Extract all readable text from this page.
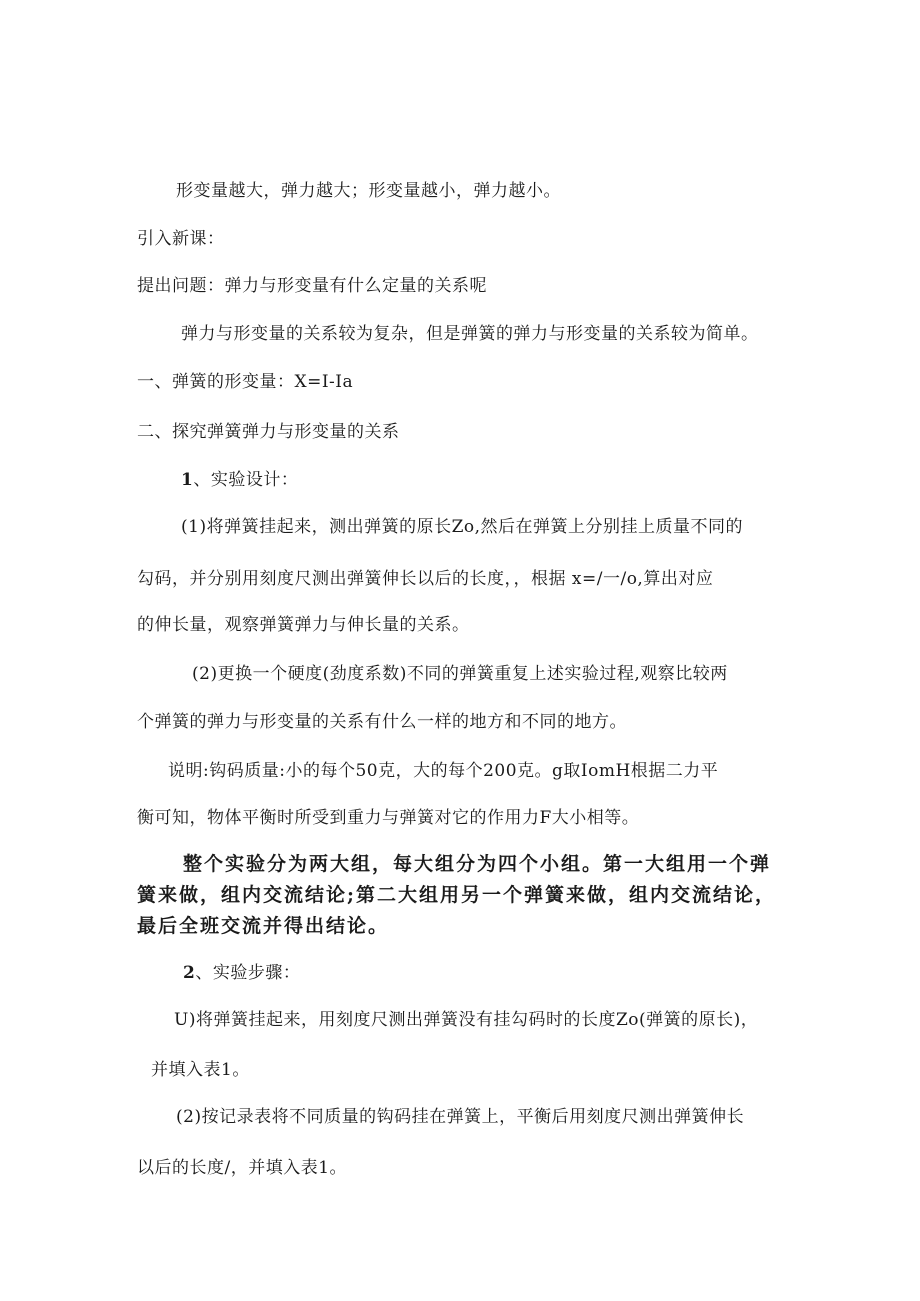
形变量越大，弹力越大；形变量越小，弹力越小。
引入新课：
提出问题：弹力与形变量有什么定量的关系呢
弹力与形变量的关系较为复杂，但是弹簧的弹力与形变量的关系较为简单。
一、弹簧的形变量：X=I-Ia
二、探究弹簧弹力与形变量的关系
1、实验设计：
(1)将弹簧挂起来，测出弹簧的原长Zo,然后在弹簧上分别挂上质量不同的
勾码，并分别用刻度尺测出弹簧伸长以后的长度，，根据 x=/一/o,算出对应
的伸长量，观察弹簧弹力与伸长量的关系。
(2)更换一个硬度(劲度系数)不同的弹簧重复上述实验过程,观察比较两
个弹簧的弹力与形变量的关系有什么一样的地方和不同的地方。
说明:钩码质量:小的每个50克，大的每个200克。g取IomH根据二力平
衡可知，物体平衡时所受到重力与弹簧对它的作用力F大小相等。
整个实验分为两大组，每大组分为四个小组。第一大组用一个弹
簧来做，组内交流结论;第二大组用另一个弹簧来做，组内交流结论，
最后全班交流并得出结论。
2、实验步骤：
U)将弹簧挂起来，用刻度尺测出弹簧没有挂勾码时的长度Zo(弹簧的原长)，
并填入表1。
(2)按记录表将不同质量的钩码挂在弹簧上，平衡后用刻度尺测出弹簧伸长
以后的长度/，并填入表1。
